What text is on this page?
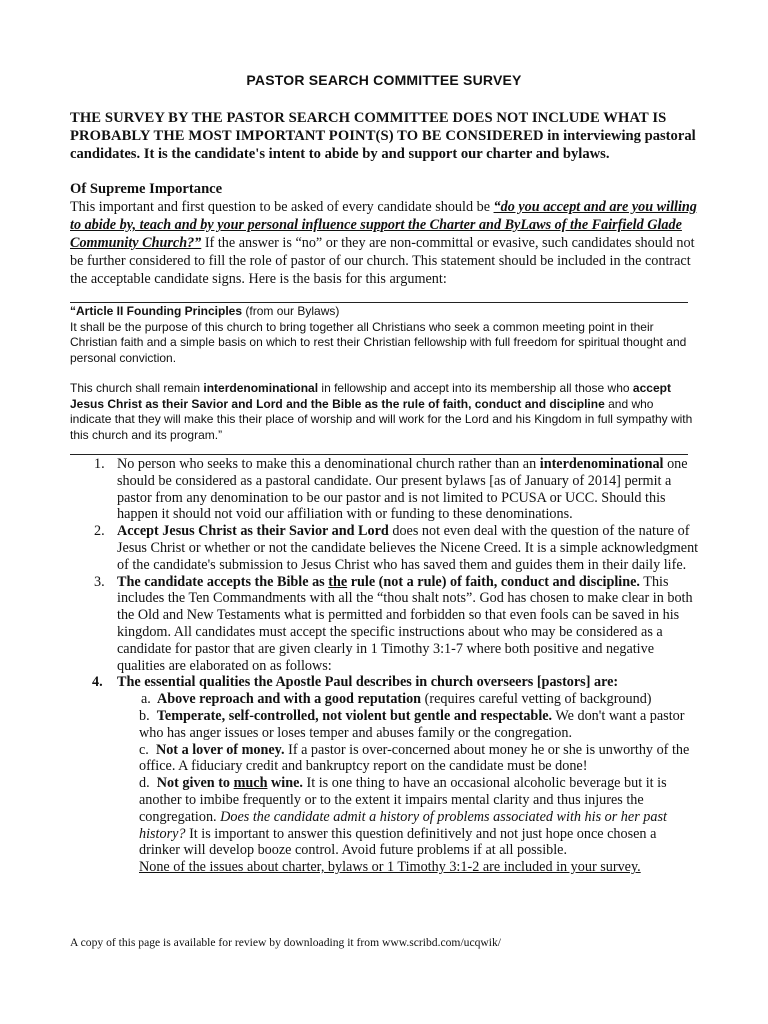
PASTOR SEARCH COMMITTEE SURVEY
THE SURVEY BY THE PASTOR SEARCH COMMITTEE DOES NOT INCLUDE WHAT IS PROBABLY THE MOST IMPORTANT POINT(S) TO BE CONSIDERED in interviewing pastoral candidates. It is the candidate's intent to abide by and support our charter and bylaws.
Of Supreme Importance
This important and first question to be asked of every candidate should be “do you accept and are you willing to abide by, teach and by your personal influence support the Charter and ByLaws of the Fairfield Glade Community Church?” If the answer is “no” or they are non-committal or evasive, such candidates should not be further considered to fill the role of pastor of our church. This statement should be included in the contract the acceptable candidate signs. Here is the basis for this argument:

“Article II Founding Principles (from our Bylaws)

It shall be the purpose of this church to bring together all Christians who seek a common meeting point in their Christian faith and a simple basis on which to rest their Christian fellowship with full freedom for spiritual thought and personal conviction.

This church shall remain interdenominational in fellowship and accept into its membership all those who accept Jesus Christ as their Savior and Lord and the Bible as the rule of faith, conduct and discipline and who indicate that they will make this their place of worship and will work for the Lord and his Kingdom in full sympathy with this church and its program.”

1. No person who seeks to make this a denominational church rather than an interdenominational one should be considered as a pastoral candidate. Our present bylaws [as of January of 2014] permit a pastor from any denomination to be our pastor and is not limited to PCUSA or UCC. Should this happen it should not void our affiliation with or funding to these denominations.
2. Accept Jesus Christ as their Savior and Lord does not even deal with the question of the nature of Jesus Christ or whether or not the candidate believes the Nicene Creed. It is a simple acknowledgment of the candidate's submission to Jesus Christ who has saved them and guides them in their daily life.
3. The candidate accepts the Bible as the rule (not a rule) of faith, conduct and discipline. This includes the Ten Commandments with all the “thou shalt nots”. God has chosen to make clear in both the Old and New Testaments what is permitted and forbidden so that even fools can be saved in his kingdom. All candidates must accept the specific instructions about who may be considered as a candidate for pastor that are given clearly in 1 Timothy 3:1-7 where both positive and negative qualities are elaborated on as follows:
4. The essential qualities the Apostle Paul describes in church overseers [pastors] are:
a. Above reproach and with a good reputation (requires careful vetting of background)
b. Temperate, self-controlled, not violent but gentle and respectable. We don't want a pastor who has anger issues or loses temper and abuses family or the congregation.
c. Not a lover of money. If a pastor is over-concerned about money he or she is unworthy of the office. A fiduciary credit and bankruptcy report on the candidate must be done!
d. Not given to much wine. It is one thing to have an occasional alcoholic beverage but it is another to imbibe frequently or to the extent it impairs mental clarity and thus injures the congregation. Does the candidate admit a history of problems associated with his or her past history? It is important to answer this question definitively and not just hope once chosen a drinker will develop booze control. Avoid future problems if at all possible.
None of the issues about charter, bylaws or 1 Timothy 3:1-2 are included in your survey.
A copy of this page is available for review by downloading it from www.scribd.com/ucqwik/
